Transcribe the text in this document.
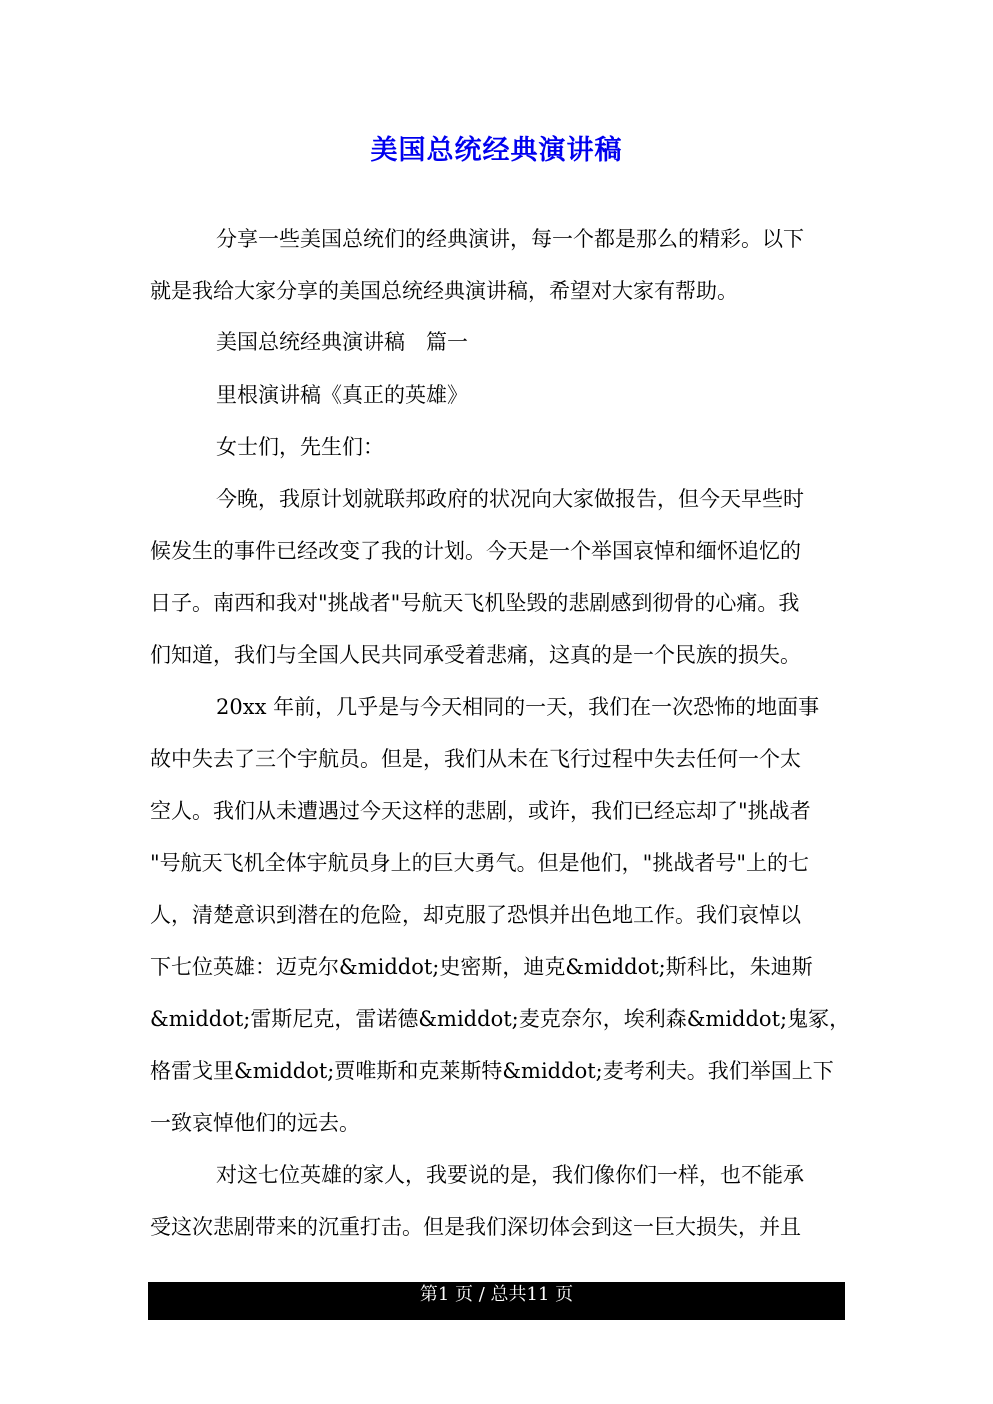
美国总统经典演讲稿
分享一些美国总统们的经典演讲，每一个都是那么的精彩。以下
就是我给大家分享的美国总统经典演讲稿，希望对大家有帮助。
美国总统经典演讲稿　篇一
里根演讲稿《真正的英雄》
女士们，先生们：
今晚，我原计划就联邦政府的状况向大家做报告，但今天早些时
候发生的事件已经改变了我的计划。今天是一个举国哀悼和缅怀追忆的
日子。南西和我对"挑战者"号航天飞机坠毁的悲剧感到彻骨的心痛。我
们知道，我们与全国人民共同承受着悲痛，这真的是一个民族的损失。
20xx 年前，几乎是与今天相同的一天，我们在一次恐怖的地面事
故中失去了三个宇航员。但是，我们从未在飞行过程中失去任何一个太
空人。我们从未遭遇过今天这样的悲剧，或许，我们已经忘却了"挑战者
"号航天飞机全体宇航员身上的巨大勇气。但是他们，"挑战者号"上的七
人，清楚意识到潜在的危险，却克服了恐惧并出色地工作。我们哀悼以
下七位英雄：迈克尔&middot;史密斯，迪克&middot;斯科比，朱迪斯
&middot;雷斯尼克，雷诺德&middot;麦克奈尔，埃利森&middot;鬼冢，
格雷戈里&middot;贾唯斯和克莱斯特&middot;麦考利夫。我们举国上下
一致哀悼他们的远去。
对这七位英雄的家人，我要说的是，我们像你们一样，也不能承
受这次悲剧带来的沉重打击。但是我们深切体会到这一巨大损失，并且
第1 页 / 总共11 页
